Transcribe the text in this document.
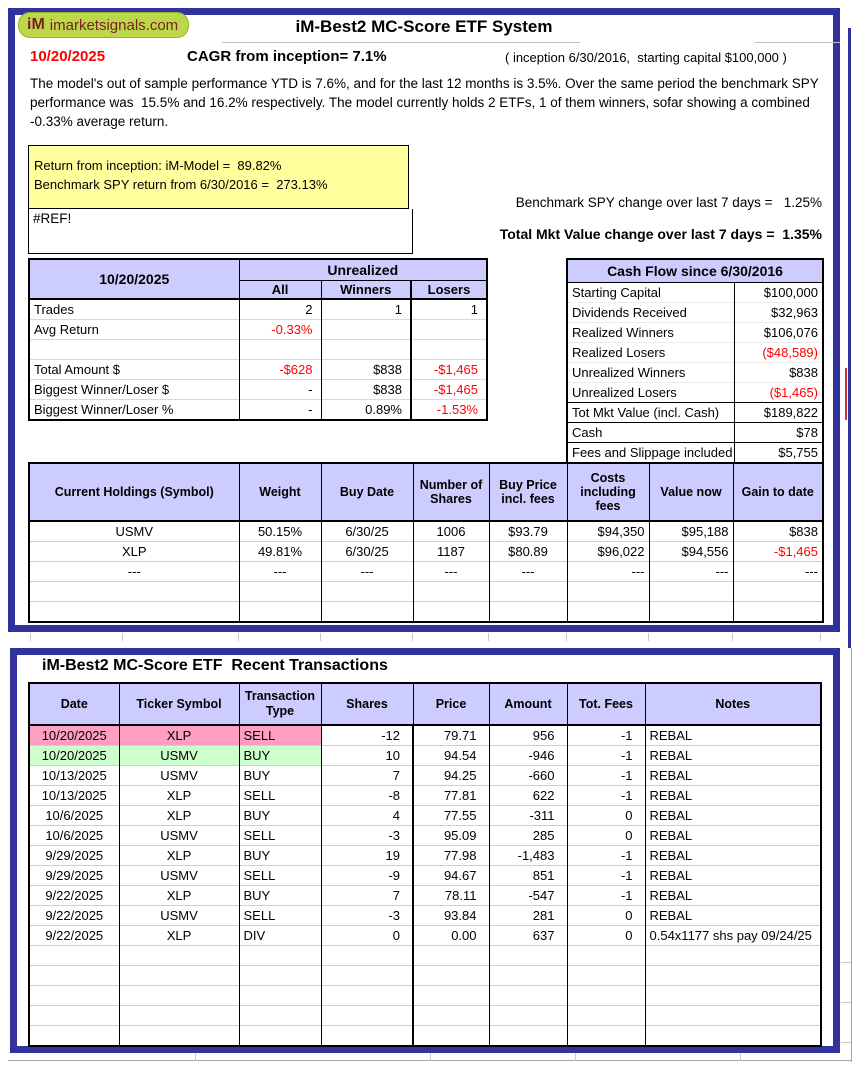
iM imarketsignals.com	iM-Best2 MC-Score ETF System
10/20/2025	CAGR from inception= 7.1%	( inception 6/30/2016,  starting capital $100,000 )
The model's out of sample performance YTD is 7.6%, and for the last 12 months is 3.5%. Over the same period the benchmark SPY performance was  15.5% and 16.2% respectively. The model currently holds 2 ETFs, 1 of them winners, sofar showing a combined -0.33% average return.
Return from inception: iM-Model =  89.82%
Benchmark SPY return from 6/30/2016 =  273.13%
#REF!
Benchmark SPY change over last 7 days =   1.25%
Total Mkt Value change over last 7 days =  1.35%
10/20/2025	Unrealized		
	All	Winners	Losers
Trades	2	1	1
Avg Return	-0.33%		

Total Amount $	-$628	$838	-$1,465
Biggest Winner/Loser $	-	$838	-$1,465
Biggest Winner/Loser %	-	0.89%	-1.53%
Cash Flow since 6/30/2016	
Starting Capital	$100,000
Dividends Received	$32,963
Realized Winners	$106,076
Realized Losers	($48,589)
Unrealized Winners	$838
Unrealized Losers	($1,465)
Tot Mkt Value (incl. Cash)	$189,822
Cash	$78
Fees and Slippage included	$5,755
Current Holdings (Symbol)	Weight	Buy Date	Number of Shares	Buy Price incl. fees	Costs including fees	Value now	Gain to date
USMV	50.15%	6/30/25	1006	$93.79	$94,350	$95,188	$838
XLP	49.81%	6/30/25	1187	$80.89	$96,022	$94,556	-$1,465
---	---	---	---	---	---	---	---

iM-Best2 MC-Score ETF  Recent Transactions
Date	Ticker Symbol	Transaction Type	Shares	Price	Amount	Tot. Fees	Notes
10/20/2025	XLP	SELL	-12	79.71	956	-1	REBAL
10/20/2025	USMV	BUY	10	94.54	-946	-1	REBAL
10/13/2025	USMV	BUY	7	94.25	-660	-1	REBAL
10/13/2025	XLP	SELL	-8	77.81	622	-1	REBAL
10/6/2025	XLP	BUY	4	77.55	-311	0	REBAL
10/6/2025	USMV	SELL	-3	95.09	285	0	REBAL
9/29/2025	XLP	BUY	19	77.98	-1,483	-1	REBAL
9/29/2025	USMV	SELL	-9	94.67	851	-1	REBAL
9/22/2025	XLP	BUY	7	78.11	-547	-1	REBAL
9/22/2025	USMV	SELL	-3	93.84	281	0	REBAL
9/22/2025	XLP	DIV	0	0.00	637	0	0.54x1177 shs pay 09/24/25
